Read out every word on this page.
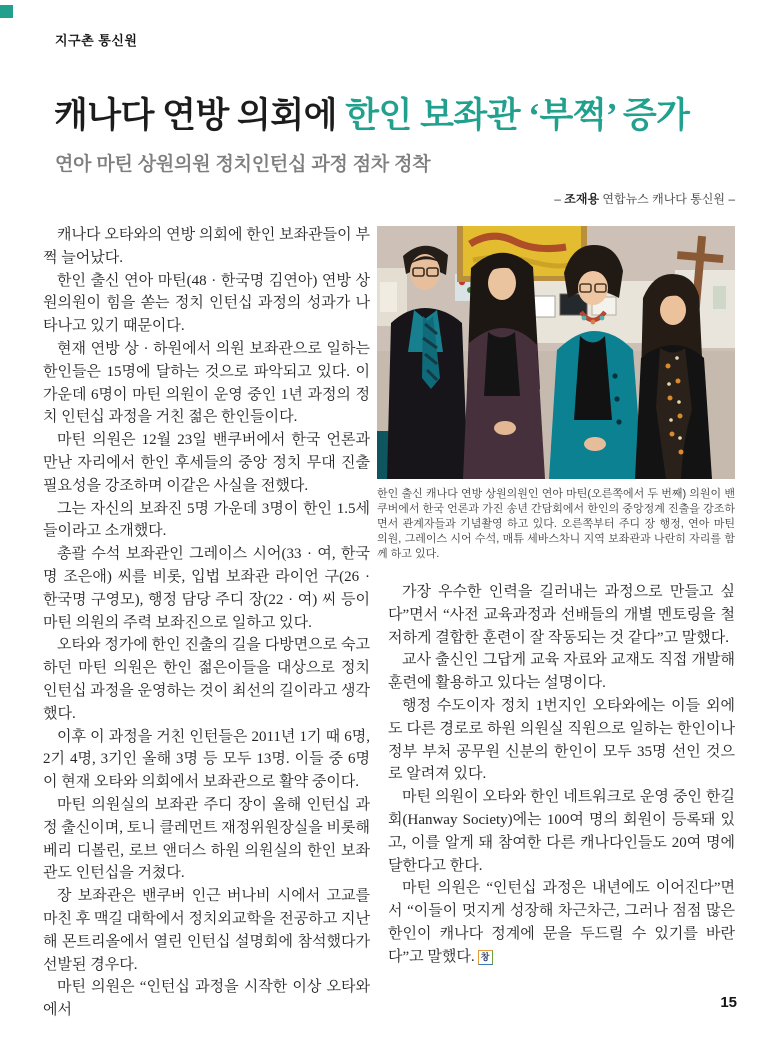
지구촌 통신원
캐나다 연방 의회에 한인 보좌관 ‘부쩍’ 증가
연아 마틴 상원의원 정치인턴십 과정 점차 정착
– 조재용 연합뉴스 캐나다 통신원 –

캐나다 오타와의 연방 의회에 한인 보좌관들이 부쩍 늘어났다.

한인 출신 연아 마틴(48 · 한국명 김연아) 연방 상원의원이 힘을 쏟는 정치 인턴십 과정의 성과가 나타나고 있기 때문이다.

현재 연방 상 · 하원에서 의원 보좌관으로 일하는 한인들은 15명에 달하는 것으로 파악되고 있다. 이 가운데 6명이 마틴 의원이 운영 중인 1년 과정의 정치 인턴십 과정을 거친 젊은 한인들이다.

마틴 의원은 12월 23일 밴쿠버에서 한국 언론과 만난 자리에서 한인 후세들의 중앙 정치 무대 진출 필요성을 강조하며 이같은 사실을 전했다.

그는 자신의 보좌진 5명 가운데 3명이 한인 1.5세들이라고 소개했다.

총괄 수석 보좌관인 그레이스 시어(33 · 여, 한국명 조은애) 씨를 비롯, 입법 보좌관 라이언 구(26 · 한국명 구영모), 행정 담당 주디 장(22 · 여) 씨 등이 마틴 의원의 주력 보좌진으로 일하고 있다.

오타와 정가에 한인 진출의 길을 다방면으로 숙고하던 마틴 의원은 한인 젊은이들을 대상으로 정치 인턴십 과정을 운영하는 것이 최선의 길이라고 생각했다.

이후 이 과정을 거친 인턴들은 2011년 1기 때 6명, 2기 4명, 3기인 올해 3명 등 모두 13명. 이들 중 6명이 현재 오타와 의회에서 보좌관으로 활약 중이다.

마틴 의원실의 보좌관 주디 장이 올해 인턴십 과정 출신이며, 토니 클레먼트 재정위원장실을 비롯해 베리 디볼린, 로브 앤더스 하원 의원실의 한인 보좌관도 인턴십을 거쳤다.

장 보좌관은 밴쿠버 인근 버나비 시에서 고교를 마친 후 맥길 대학에서 정치외교학을 전공하고 지난해 몬트리올에서 열린 인턴십 설명회에 참석했다가 선발된 경우다.

마틴 의원은 “인턴십 과정을 시작한 이상 오타와에서

한인 출신 캐나다 연방 상원의원인 연아 마틴(오른쪽에서 두 번째) 의원이 밴쿠버에서 한국 언론과 가진 송년 간담회에서 한인의 중앙정계 진출을 강조하면서 관계자들과 기념촬영 하고 있다. 오른쪽부터 주디 장 행정, 연아 마틴 의원, 그레이스 시어 수석, 매튜 세바스차니 지역 보좌관과 나란히 자리를 함께 하고 있다.

가장 우수한 인력을 길러내는 과정으로 만들고 싶다”면서 “사전 교육과정과 선배들의 개별 멘토링을 철저하게 결합한 훈련이 잘 작동되는 것 같다”고 말했다.

교사 출신인 그답게 교육 자료와 교재도 직접 개발해 훈련에 활용하고 있다는 설명이다.

행정 수도이자 정치 1번지인 오타와에는 이들 외에도 다른 경로로 하원 의원실 직원으로 일하는 한인이나 정부 부처 공무원 신분의 한인이 모두 35명 선인 것으로 알려져 있다.

마틴 의원이 오타와 한인 네트워크로 운영 중인 한길회(Hanway Society)에는 100여 명의 회원이 등록돼 있고, 이를 알게 돼 참여한 다른 캐나다인들도 20여 명에 달한다고 한다.

마틴 의원은 “인턴십 과정은 내년에도 이어진다”면서 “이들이 멋지게 성장해 차근차근, 그러나 점점 많은 한인이 캐나다 정계에 문을 두드릴 수 있기를 바란다”고 말했다. 창

15
